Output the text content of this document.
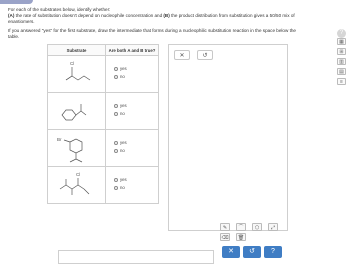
For each of the substrates below, identify whether:
(A) the rate of substitution doesn't depend on nucleophile concentration and (B) the product distribution from substitution gives a 50/50 mix of enantiomers.
If you answered "yes" for the first substrate, draw the intermediate that forms during a nucleophilic substitution reaction in the space below the table.
Substrate	Are both A and B true?

Cl	yes
no

yes
no

Br	yes
no

Cl	yes
no
✕	↺
?
▦
⊞
▥
▤
≡
✎	⌒	⬡	⤢
⌫	🗑
✕	↺	?
